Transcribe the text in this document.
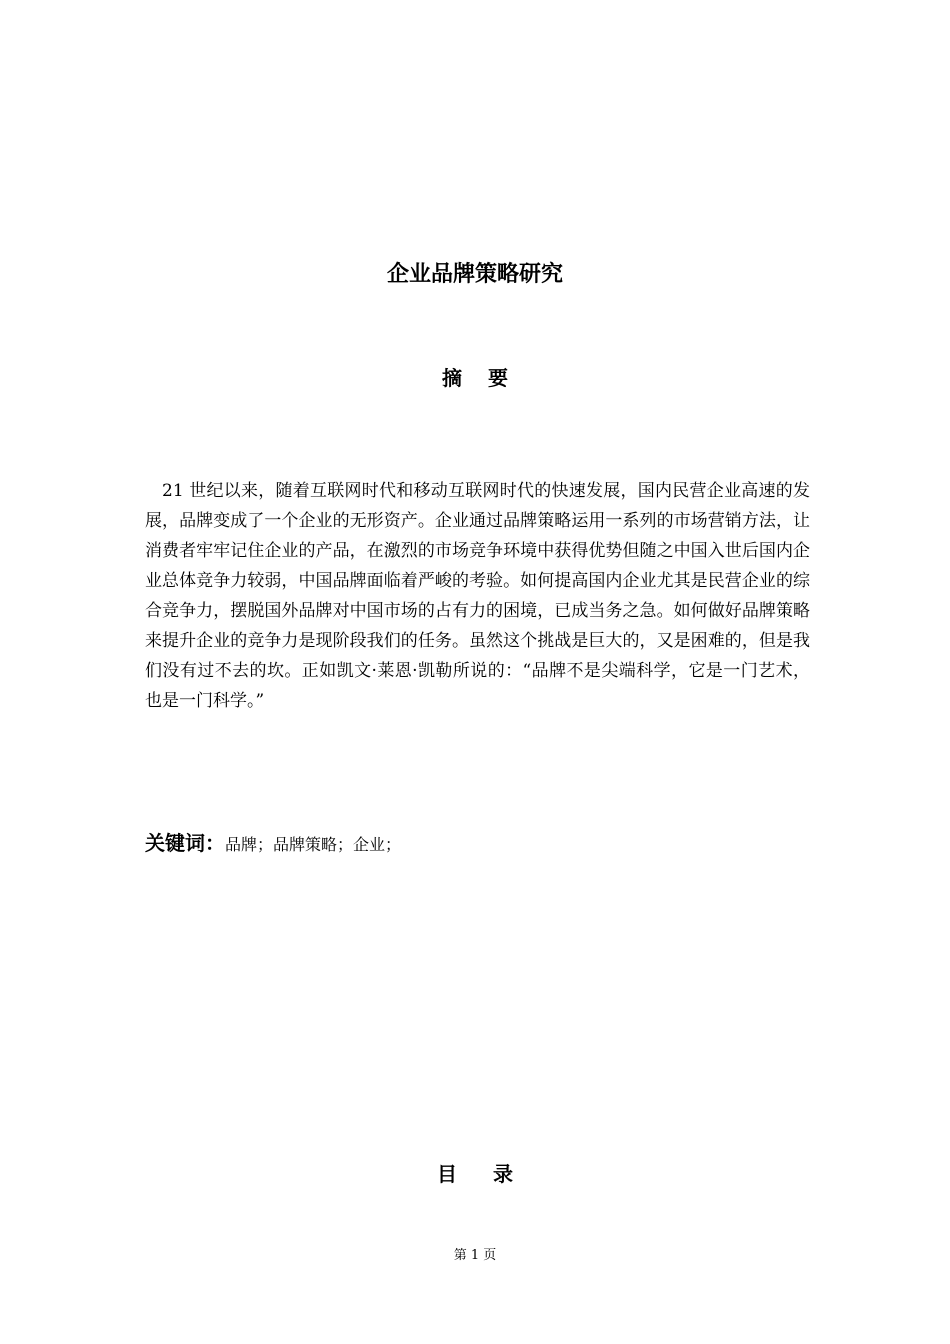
企业品牌策略研究
摘 要
21 世纪以来，随着互联网时代和移动互联网时代的快速发展，国内民营企业高速的发展，品牌变成了一个企业的无形资产。企业通过品牌策略运用一系列的市场营销方法，让消费者牢牢记住企业的产品，在激烈的市场竞争环境中获得优势但随之中国入世后国内企业总体竞争力较弱，中国品牌面临着严峻的考验。如何提高国内企业尤其是民营企业的综合竞争力，摆脱国外品牌对中国市场的占有力的困境，已成当务之急。如何做好品牌策略来提升企业的竞争力是现阶段我们的任务。虽然这个挑战是巨大的，又是困难的，但是我们没有过不去的坎。正如凯文·莱恩·凯勒所说的：“品牌不是尖端科学，它是一门艺术，也是一门科学。”
关键词：品牌；品牌策略；企业；
目 录
第 1 页
